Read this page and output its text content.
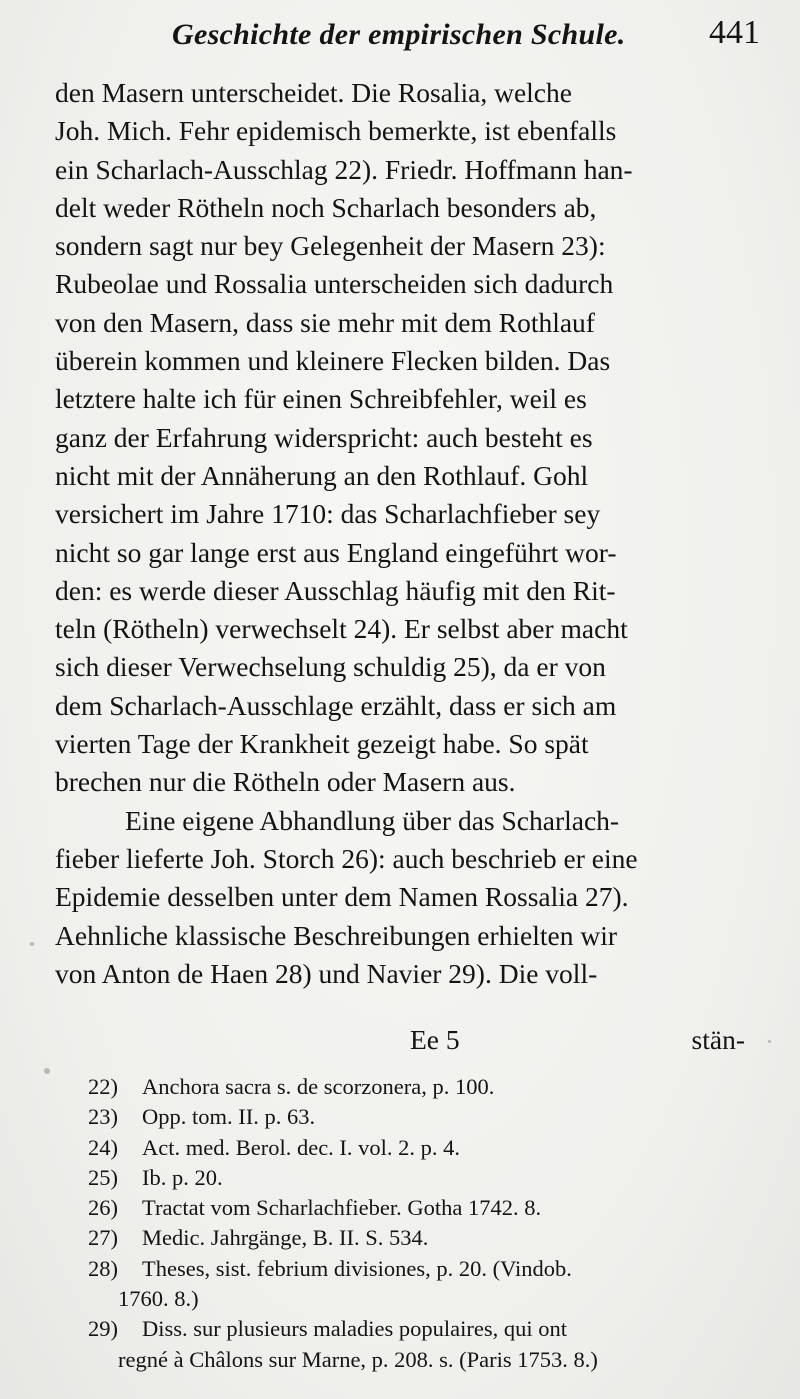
Geschichte der empirischen Schule. 441
den Masern unterscheidet. Die Rosalia, welche
Joh. Mich. Fehr epidemisch bemerkte, ist ebenfalls
ein Scharlach-Ausschlag 22). Friedr. Hoffmann han-
delt weder Rötheln noch Scharlach besonders ab,
sondern sagt nur bey Gelegenheit der Masern 23):
Rubeolae und Rossalia unterscheiden sich dadurch
von den Masern, dass sie mehr mit dem Rothlauf
überein kommen und kleinere Flecken bilden. Das
letztere halte ich für einen Schreibfehler, weil es
ganz der Erfahrung widerspricht: auch besteht es
nicht mit der Annäherung an den Rothlauf. Gohl
versichert im Jahre 1710: das Scharlachfieber sey
nicht so gar lange erst aus England eingeführt wor-
den: es werde dieser Ausschlag häufig mit den Rit-
teln (Rötheln) verwechselt 24). Er selbst aber macht
sich dieser Verwechselung schuldig 25), da er von
dem Scharlach-Ausschlage erzählt, dass er sich am
vierten Tage der Krankheit gezeigt habe. So spät
brechen nur die Rötheln oder Masern aus.
Eine eigene Abhandlung über das Scharlach-
fieber lieferte Joh. Storch 26): auch beschrieb er eine
Epidemie desselben unter dem Namen Rossalia 27).
Aehnliche klassische Beschreibungen erhielten wir
von Anton de Haen 28) und Navier 29). Die voll-
Ee 5	stän-
22) Anchora sacra s. de scorzonera, p. 100.
23) Opp. tom. II. p. 63.
24) Act. med. Berol. dec. I. vol. 2. p. 4.
25) Ib. p. 20.
26) Tractat vom Scharlachfieber. Gotha 1742. 8.
27) Medic. Jahrgänge, B. II. S. 534.
28) Theses, sist. febrium divisiones, p. 20. (Vindob.
1760. 8.)
29) Diss. sur plusieurs maladies populaires, qui ont
regné à Châlons sur Marne, p. 208. s. (Paris 1753. 8.)
